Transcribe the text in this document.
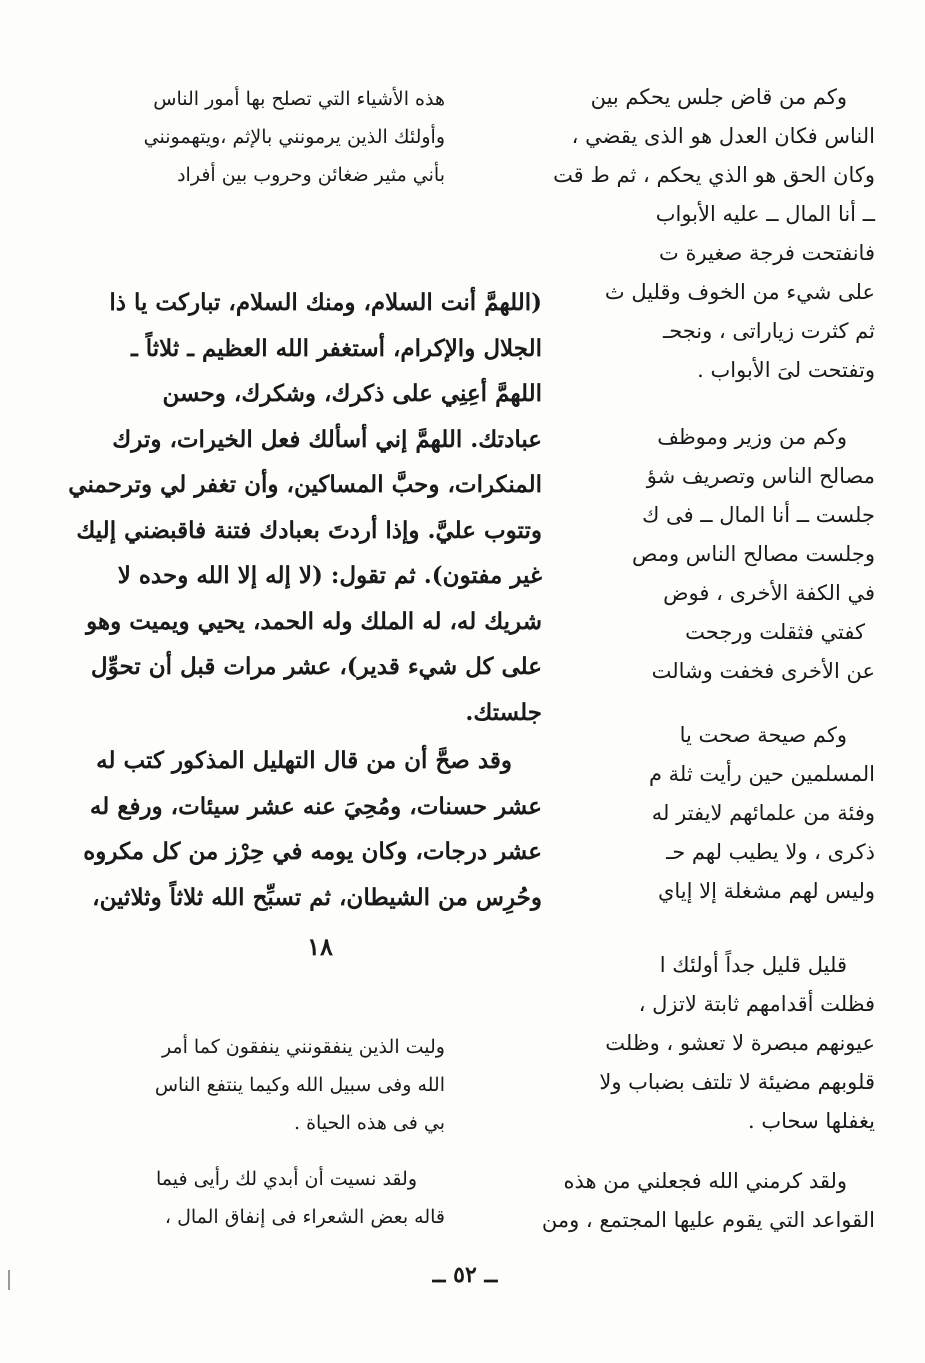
وكم من قاض جلس يحكم بين
الناس فكان العدل هو الذى يقضي ،
وكان الحق هو الذي يحكم ، ثم ط قت
ــ أنا المال ــ عليه الأبواب
فانفتحت فرجة صغيرة ت
على شيء من الخوف وقليل ث
ثم كثرت زياراتى ، ونجحـ
وتفتحت لىَ الأبواب .
وكم من وزير وموظف
مصالح الناس وتصريف شؤ
جلست ــ أنا المال ــ فى ك
وجلست مصالح الناس ومص
في الكفة الأخرى ، فوض
كفتي فثقلت ورجحت
عن الأخرى فخفت وشالت
وكم صيحة صحت يا
المسلمين حين رأيت ثلة م
وفئة من علمائهم لايفتر له
ذكرى ، ولا يطيب لهم حـ
وليس لهم مشغلة إلا إياي
قليل قليل جداً أولئك ا
فظلت أقدامهم ثابتة لاتزل ،
عيونهم مبصرة لا تعشو ، وظلت
قلوبهم مضيئة لا تلتف بضباب ولا
يغفلها سحاب .
ولقد كرمني الله فجعلني من هذه
القواعد التي يقوم عليها المجتمع ، ومن
هذه الأشياء التي تصلح بها أمور الناس
وأولئك الذين يرمونني بالإثم ،ويتهمونني
بأني مثير ضغائن وحروب بين أفراد
(اللهمَّ أنت السلام، ومنك السلام، تباركت يا ذا
الجلال والإكرام، أستغفر الله العظيم ـ ثلاثاً ـ
اللهمَّ أعِنِي على ذكرك، وشكرك، وحسن
عبادتك. اللهمَّ إني أسألك فعل الخيرات، وترك
المنكرات، وحبَّ المساكين، وأن تغفر لي وترحمني
وتتوب عليَّ. وإذا أردتَ بعبادك فتنة فاقبضني إليك
غير مفتون). ثم تقول: (لا إله إلا الله وحده لا
شريك له، له الملك وله الحمد، يحيي ويميت وهو
على كل شيء قدير)، عشر مرات قبل أن تحوِّل
جلستك.
وقد صحَّ أن من قال التهليل المذكور كتب له
عشر حسنات، ومُحِيَ عنه عشر سيئات، ورفع له
عشر درجات، وكان يومه في حِرْز من كل مكروه
وحُرِس من الشيطان، ثم تسبِّح الله ثلاثاً وثلاثين،
١٨
وليت الذين ينفقونني ينفقون كما أمر
الله وفى سبيل الله وكيما ينتفع الناس
بي فى هذه الحياة .
ولقد نسيت أن أبدي لك رأيى فيما
قاله بعض الشعراء فى إنفاق المال ،
ــ ٥٢ ــ
